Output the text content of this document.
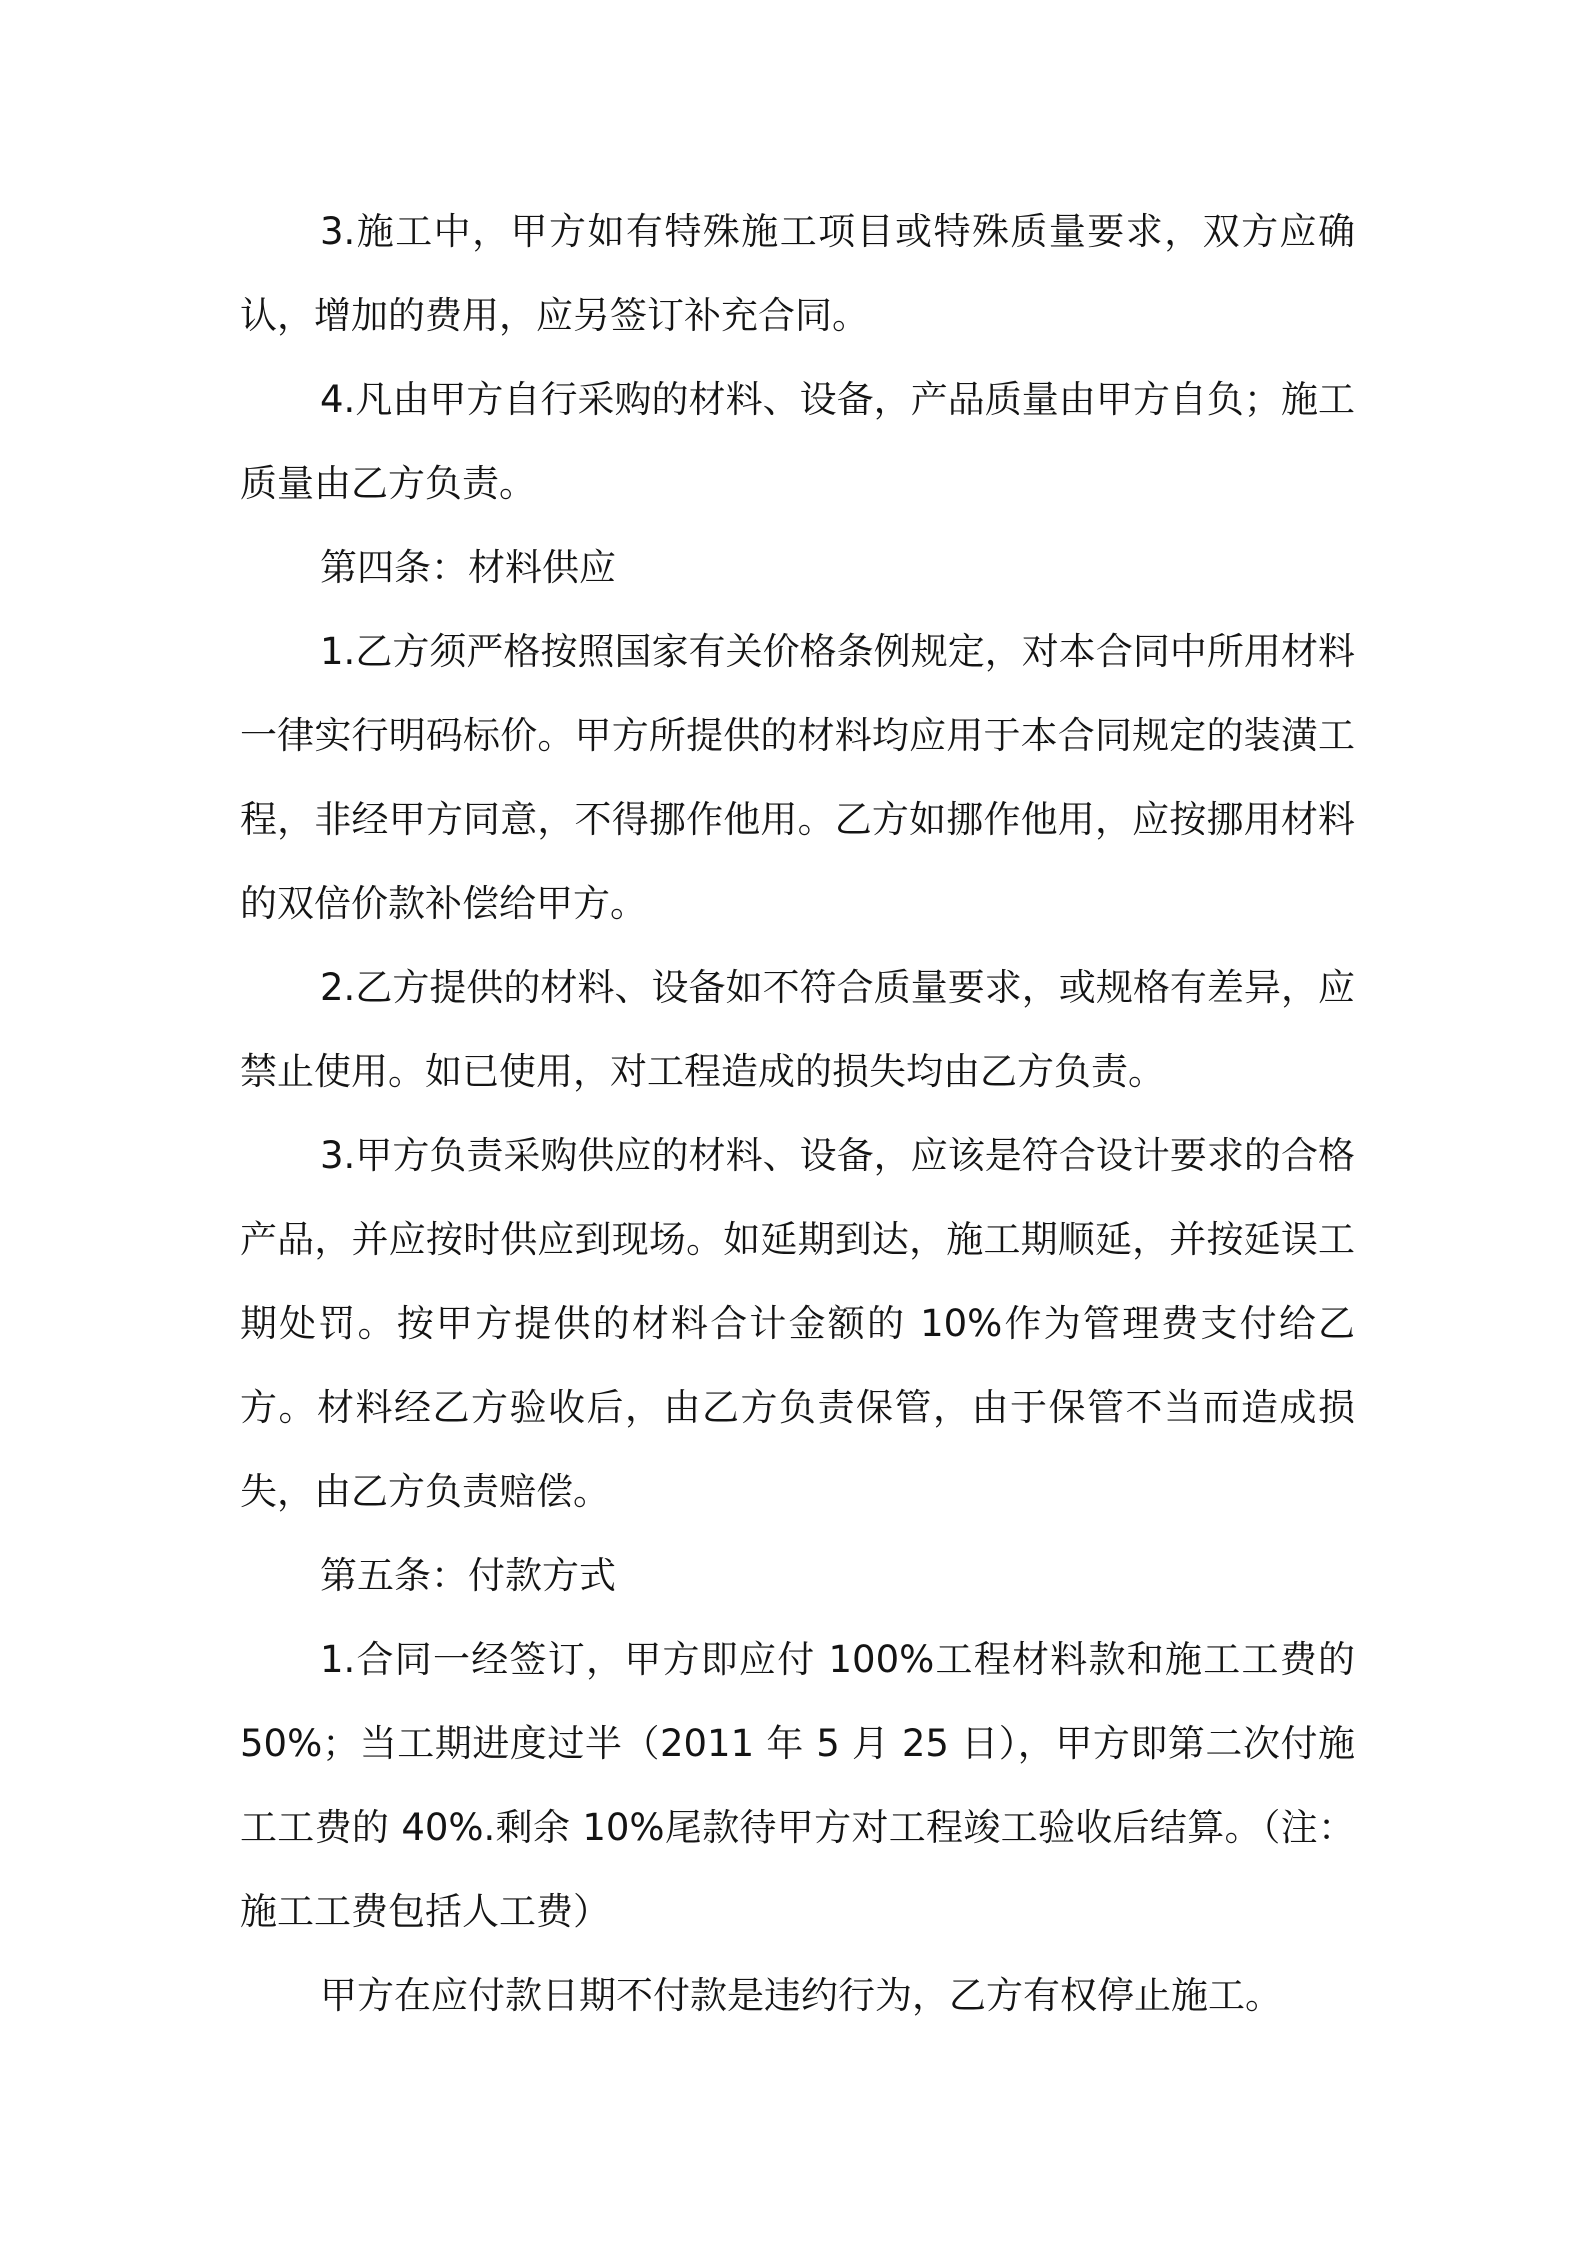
3.施工中，甲方如有特殊施工项目或特殊质量要求，双方应确认，增加的费用，应另签订补充合同。

4.凡由甲方自行采购的材料、设备，产品质量由甲方自负；施工质量由乙方负责。

第四条：材料供应

1.乙方须严格按照国家有关价格条例规定，对本合同中所用材料一律实行明码标价。甲方所提供的材料均应用于本合同规定的装潢工程，非经甲方同意，不得挪作他用。乙方如挪作他用，应按挪用材料的双倍价款补偿给甲方。

2.乙方提供的材料、设备如不符合质量要求，或规格有差异，应禁止使用。如已使用，对工程造成的损失均由乙方负责。

3.甲方负责采购供应的材料、设备，应该是符合设计要求的合格产品，并应按时供应到现场。如延期到达，施工期顺延，并按延误工期处罚。按甲方提供的材料合计金额的 10%作为管理费支付给乙方。材料经乙方验收后，由乙方负责保管，由于保管不当而造成损失，由乙方负责赔偿。

第五条：付款方式

1.合同一经签订，甲方即应付 100%工程材料款和施工工费的 50%；当工期进度过半（2011 年 5 月 25 日），甲方即第二次付施工工费的 40%.剩余 10%尾款待甲方对工程竣工验收后结算。（注：施工工费包括人工费）

甲方在应付款日期不付款是违约行为，乙方有权停止施工。
